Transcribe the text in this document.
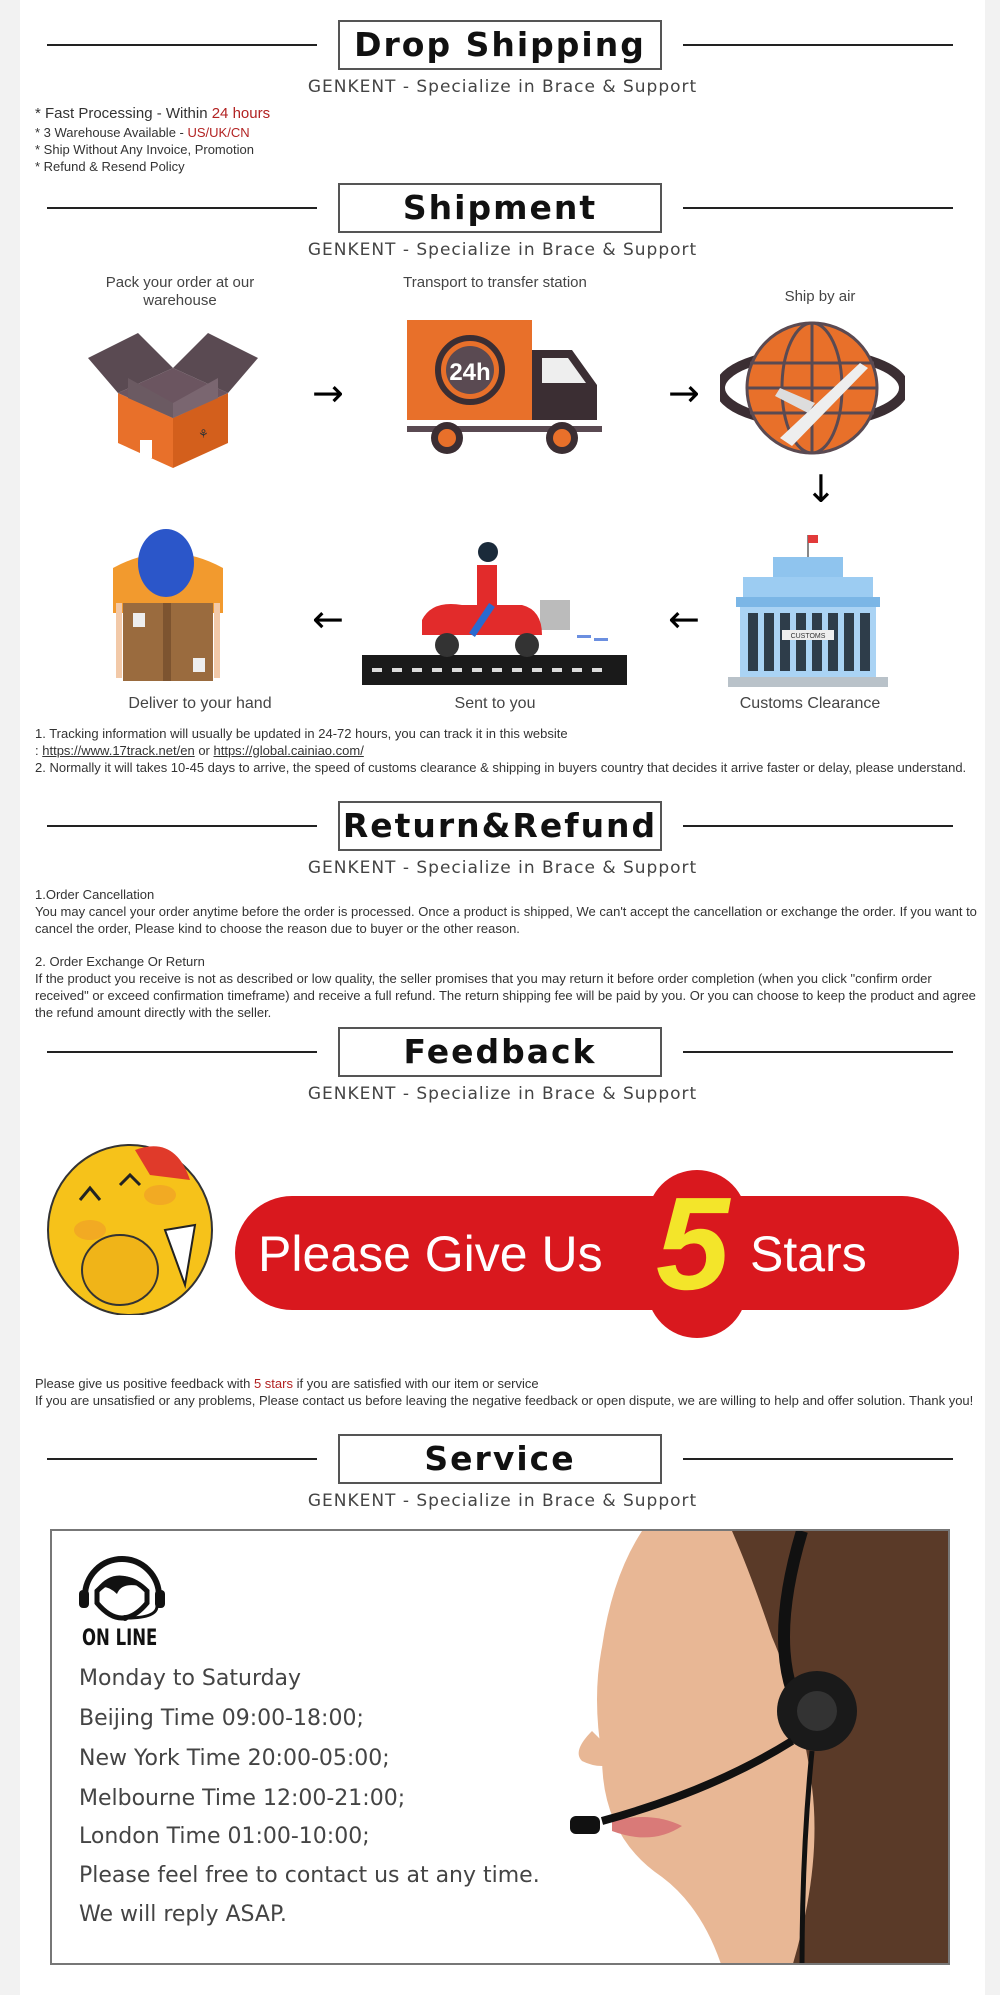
Drop Shipping
GENKENT - Specialize in Brace & Support
* Fast Processing - Within 24 hours
* 3 Warehouse Available - US/UK/CN
* Ship Without Any Invoice, Promotion
* Refund & Resend Policy
Shipment
GENKENT - Specialize in Brace & Support
Pack your order at our warehouse
⚘
→
Transport to transfer station
24h	→
Ship by air
↓
CUSTOMS
Customs Clearance
←
Sent to you
←
Deliver to your hand
1. Tracking information will usually be updated in 24-72 hours, you can track it in this website
: https://www.17track.net/en or https://global.cainiao.com/
2. Normally it will takes 10-45 days to arrive, the speed of customs clearance & shipping in buyers country that decides it arrive faster or delay, please understand.
Return&Refund
GENKENT - Specialize in Brace & Support
1.Order Cancellation
You may cancel your order anytime before the order is processed. Once a product is shipped, We can't accept the cancellation or exchange the order. If you want to cancel the order, Please kind to choose the reason due to buyer or the other reason.
2. Order Exchange Or Return
If the product you receive is not as described or low quality, the seller promises that you may return it before order completion (when you click "confirm order received" or exceed confirmation timeframe) and receive a full refund. The return shipping fee will be paid by you. Or you can choose to keep the product and agree the refund amount directly with the seller.
Feedback
GENKENT - Specialize in Brace & Support
Please Give Us 5 Stars
Please give us positive feedback with 5 stars if you are satisfied with our item or service
If you are unsatisfied or any problems, Please contact us before leaving the negative feedback or open dispute, we are willing to help and offer solution. Thank you!
Service
GENKENT - Specialize in Brace & Support
ON LINE
Monday to Saturday
Beijing Time 09:00-18:00;
New York Time 20:00-05:00;
Melbourne Time 12:00-21:00;
London Time 01:00-10:00;
Please feel free to contact us at any time.
We will reply ASAP.
